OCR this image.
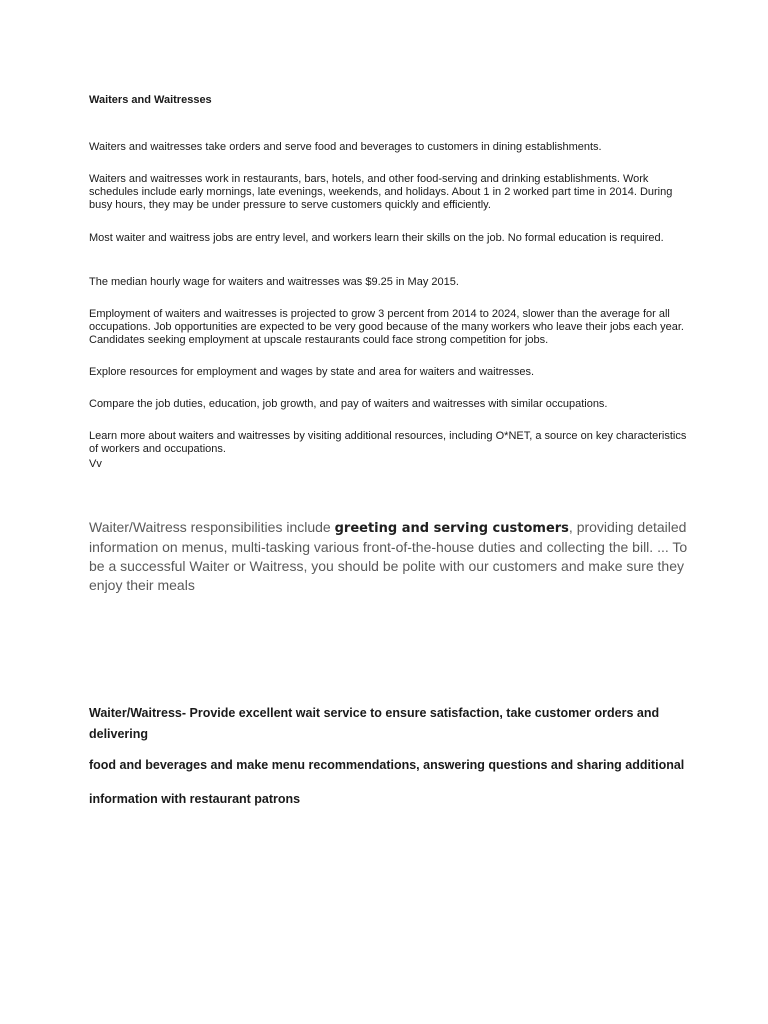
Waiters and Waitresses

Waiters and waitresses take orders and serve food and beverages to customers in dining establishments.

Waiters and waitresses work in restaurants, bars, hotels, and other food-serving and drinking establishments. Work schedules include early mornings, late evenings, weekends, and holidays. About 1 in 2 worked part time in 2014. During busy hours, they may be under pressure to serve customers quickly and efficiently.

Most waiter and waitress jobs are entry level, and workers learn their skills on the job. No formal education is required.

The median hourly wage for waiters and waitresses was $9.25 in May 2015.

Employment of waiters and waitresses is projected to grow 3 percent from 2014 to 2024, slower than the average for all occupations. Job opportunities are expected to be very good because of the many workers who leave their jobs each year. Candidates seeking employment at upscale restaurants could face strong competition for jobs.

Explore resources for employment and wages by state and area for waiters and waitresses.

Compare the job duties, education, job growth, and pay of waiters and waitresses with similar occupations.

Learn more about waiters and waitresses by visiting additional resources, including O*NET, a source on key characteristics of workers and occupations.

Vv

Waiter/Waitress responsibilities include greeting and serving customers, providing detailed information on menus, multi-tasking various front-of-the-house duties and collecting the bill. ... To be a successful Waiter or Waitress, you should be polite with our customers and make sure they enjoy their meals

Waiter/Waitress- Provide excellent wait service to ensure satisfaction, take customer orders and delivering

food and beverages and make menu recommendations, answering questions and sharing additional

information with restaurant patrons
